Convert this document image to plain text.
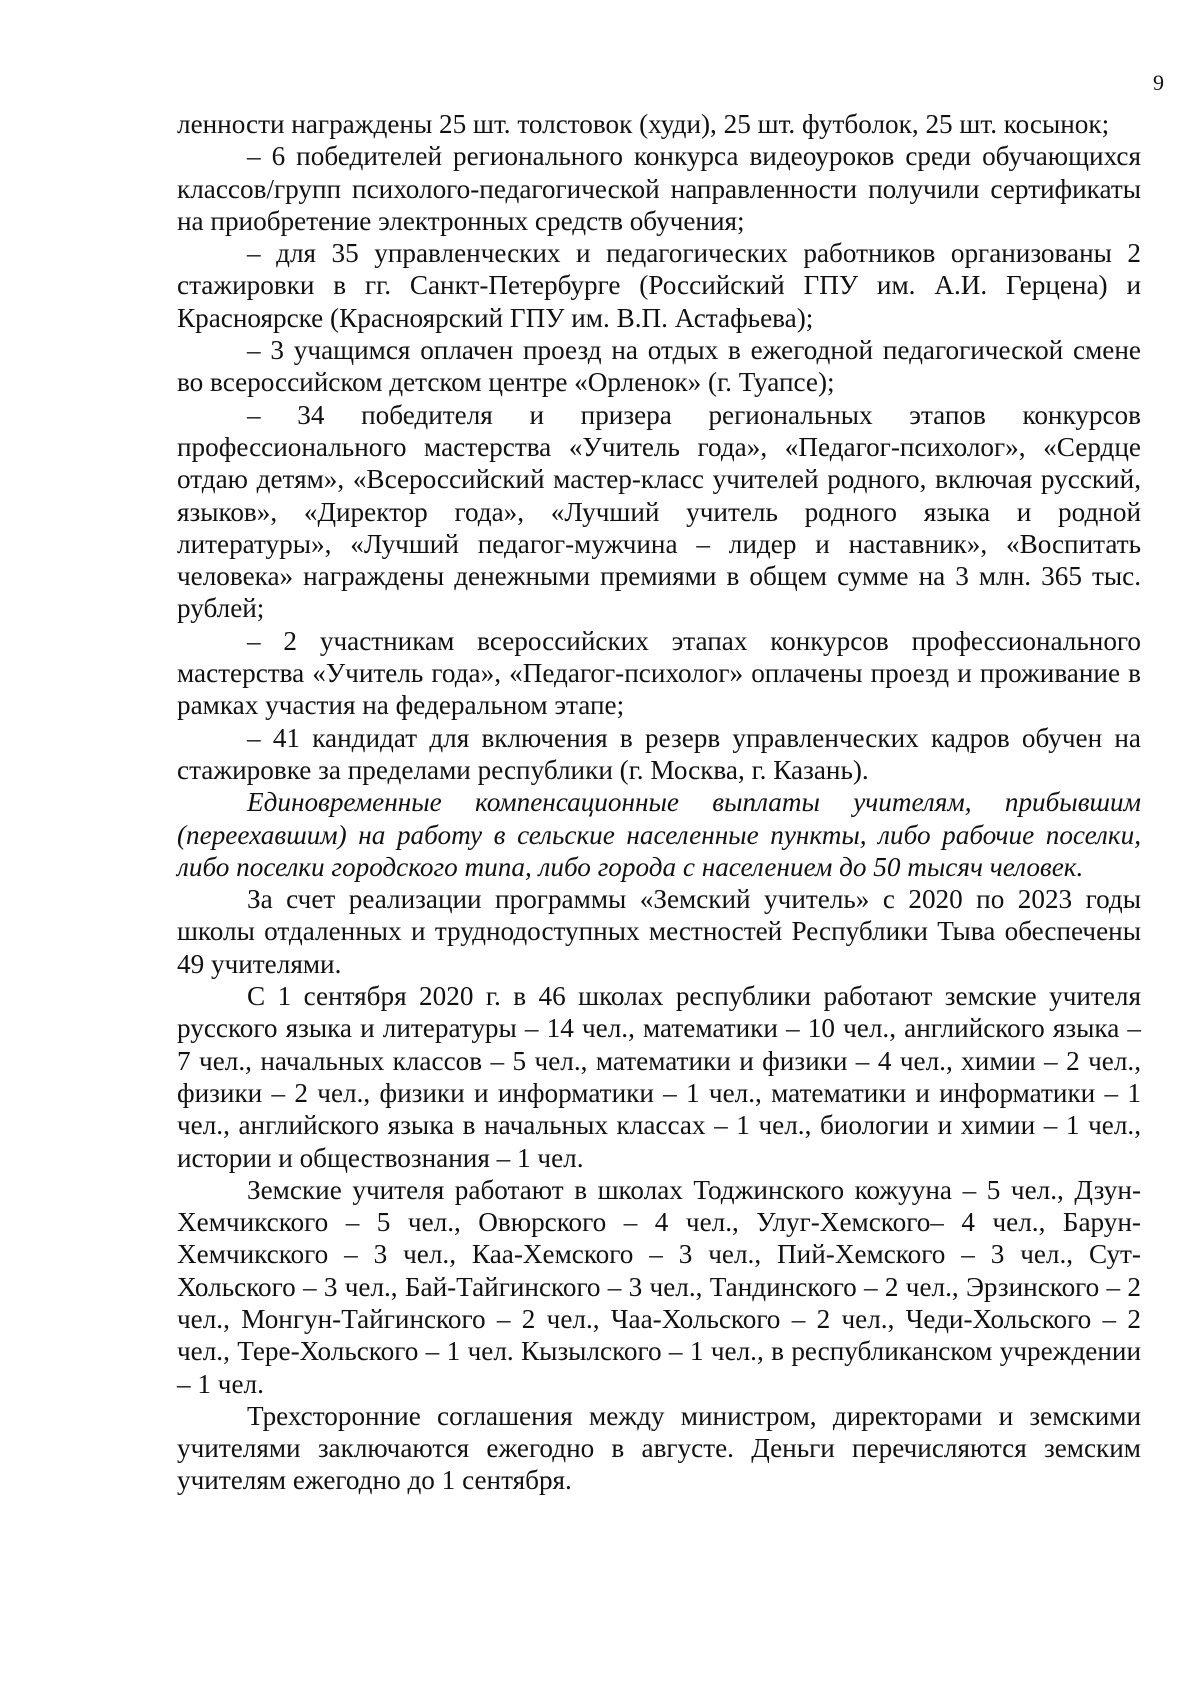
9

ленности награждены 25 шт. толстовок (худи), 25 шт. футболок, 25 шт. косынок;

– 6 победителей регионального конкурса видеоуроков среди обучающихся классов/групп психолого-педагогической направленности получили сертификаты на приобретение электронных средств обучения;

– для 35 управленческих и педагогических работников организованы 2 стажировки в гг. Санкт-Петербурге (Российский ГПУ им. А.И. Герцена) и Красноярске (Красноярский ГПУ им. В.П. Астафьева);

– 3 учащимся оплачен проезд на отдых в ежегодной педагогической смене во всероссийском детском центре «Орленок» (г. Туапсе);

– 34 победителя и призера региональных этапов конкурсов профессионального мастерства «Учитель года», «Педагог-психолог», «Сердце отдаю детям», «Всероссийский мастер-класс учителей родного, включая русский, языков», «Директор года», «Лучший учитель родного языка и родной литературы», «Лучший педагог-мужчина – лидер и наставник», «Воспитать человека» награждены денежными премиями в общем сумме на 3 млн. 365 тыс. рублей;

– 2 участникам всероссийских этапах конкурсов профессионального мастерства «Учитель года», «Педагог-психолог» оплачены проезд и проживание в рамках участия на федеральном этапе;

– 41 кандидат для включения в резерв управленческих кадров обучен на стажировке за пределами республики (г. Москва, г. Казань).

Единовременные компенсационные выплаты учителям, прибывшим (переехавшим) на работу в сельские населенные пункты, либо рабочие поселки, либо поселки городского типа, либо города с населением до 50 тысяч человек.

За счет реализации программы «Земский учитель» с 2020 по 2023 годы школы отдаленных и труднодоступных местностей Республики Тыва обеспечены 49 учителями.

С 1 сентября 2020 г. в 46 школах республики работают земские учителя русского языка и литературы – 14 чел., математики – 10 чел., английского языка – 7 чел., начальных классов – 5 чел., математики и физики – 4 чел., химии – 2 чел., физики – 2 чел., физики и информатики – 1 чел., математики и информатики – 1 чел., английского языка в начальных классах – 1 чел., биологии и химии – 1 чел., истории и обществознания – 1 чел.

Земские учителя работают в школах Тоджинского кожууна – 5 чел., Дзун-Хемчикского – 5 чел., Овюрского – 4 чел., Улуг-Хемского– 4 чел., Барун-Хемчикского – 3 чел., Каа-Хемского – 3 чел., Пий-Хемского – 3 чел., Сут-Хольского – 3 чел., Бай-Тайгинского – 3 чел., Тандинского – 2 чел., Эрзинского – 2 чел., Монгун-Тайгинского – 2 чел., Чаа-Хольского – 2 чел., Чеди-Хольского – 2 чел., Тере-Хольского – 1 чел. Кызылского – 1 чел., в республиканском учреждении – 1 чел.

Трехсторонние соглашения между министром, директорами и земскими учителями заключаются ежегодно в августе. Деньги перечисляются земским учителям ежегодно до 1 сентября.
